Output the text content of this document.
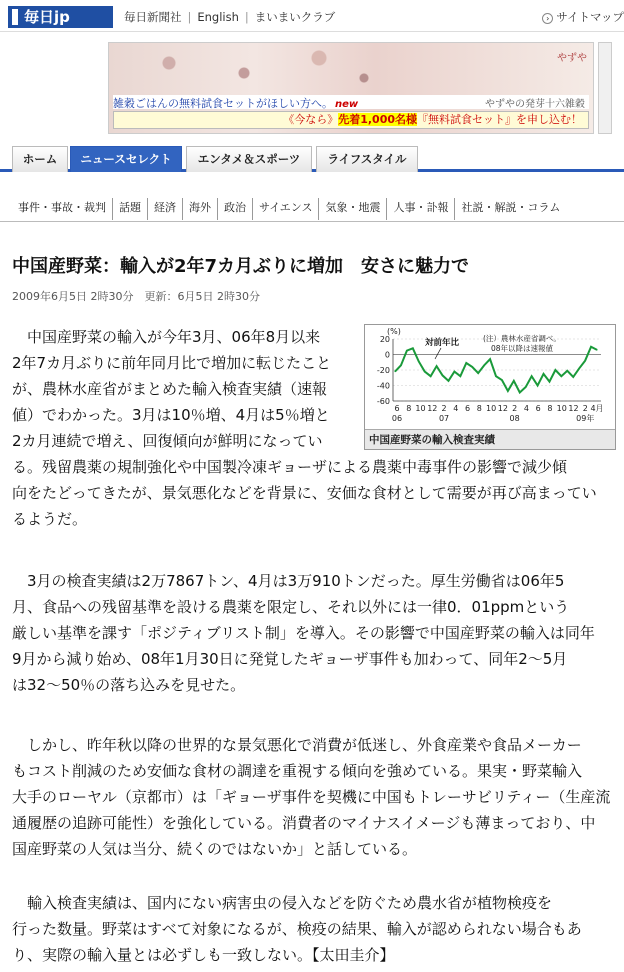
毎日jp	毎日新聞社 | English | まいまいクラブ	› サイトマップ
やずや
雑穀ごはんの無料試食セットがほしい方へ。 new	やずやの発芽十六雑穀
《今なら》先着1,000名様『無料試食セット』を申し込む！
ホーム	ニュースセレクト	エンタメ＆スポーツ	ライフスタイル
事件・事故・裁判	話題	経済	海外	政治	サイエンス	気象・地震	人事・訃報	社説・解説・コラム
中国産野菜：輸入が2年7カ月ぶりに増加　安さに魅力で
2009年6月5日 2時30分　更新：6月5日 2時30分

　中国産野菜の輸入が今年3月、06年8月以来

2年7カ月ぶりに前年同月比で増加に転じたこと

が、農林水産省がまとめた輸入検査実績（速報

値）でわかった。3月は10％増、4月は5％増と

2カ月連続で増え、回復傾向が鮮明になってい

る。残留農薬の規制強化や中国製冷凍ギョーザによる農薬中毒事件の影響で減少傾

向をたどってきたが、景気悪化などを背景に、安価な食材として需要が再び高まってい

るようだ。

　3月の検査実績は2万7867トン、4月は3万910トンだった。厚生労働省は06年5

月、食品への残留基準を設ける農薬を限定し、それ以外には一律0．01ppmという

厳しい基準を課す「ポジティブリスト制」を導入。その影響で中国産野菜の輸入は同年

9月から減り始め、08年1月30日に発覚したギョーザ事件も加わって、同年2～5月

は32～50％の落ち込みを見せた。

　しかし、昨年秋以降の世界的な景気悪化で消費が低迷し、外食産業や食品メーカー

もコスト削減のため安価な食材の調達を重視する傾向を強めている。果実・野菜輸入

大手のローヤル（京都市）は「ギョーザ事件を契機に中国もトレーサビリティー（生産流

通履歴の追跡可能性）を強化している。消費者のマイナスイメージも薄まっており、中

国産野菜の人気は当分、続くのではないか」と話している。

　輸入検査実績は、国内にない病害虫の侵入などを防ぐため農水省が植物検疫を

行った数量。野菜はすべて対象になるが、検疫の結果、輸入が認められない場合もあ

り、実際の輸入量とは必ずしも一致しない。【太田圭介】

(%)
20
0
-20
-40
-60
6 8 10 12 2 4 6 8 10 12 2 4 6 8 10 12 2 4月
06	07	08	09年
対前年比	(注）農林水産省調べ。
08年以降は速報値
中国産野菜の輸入検査実績
